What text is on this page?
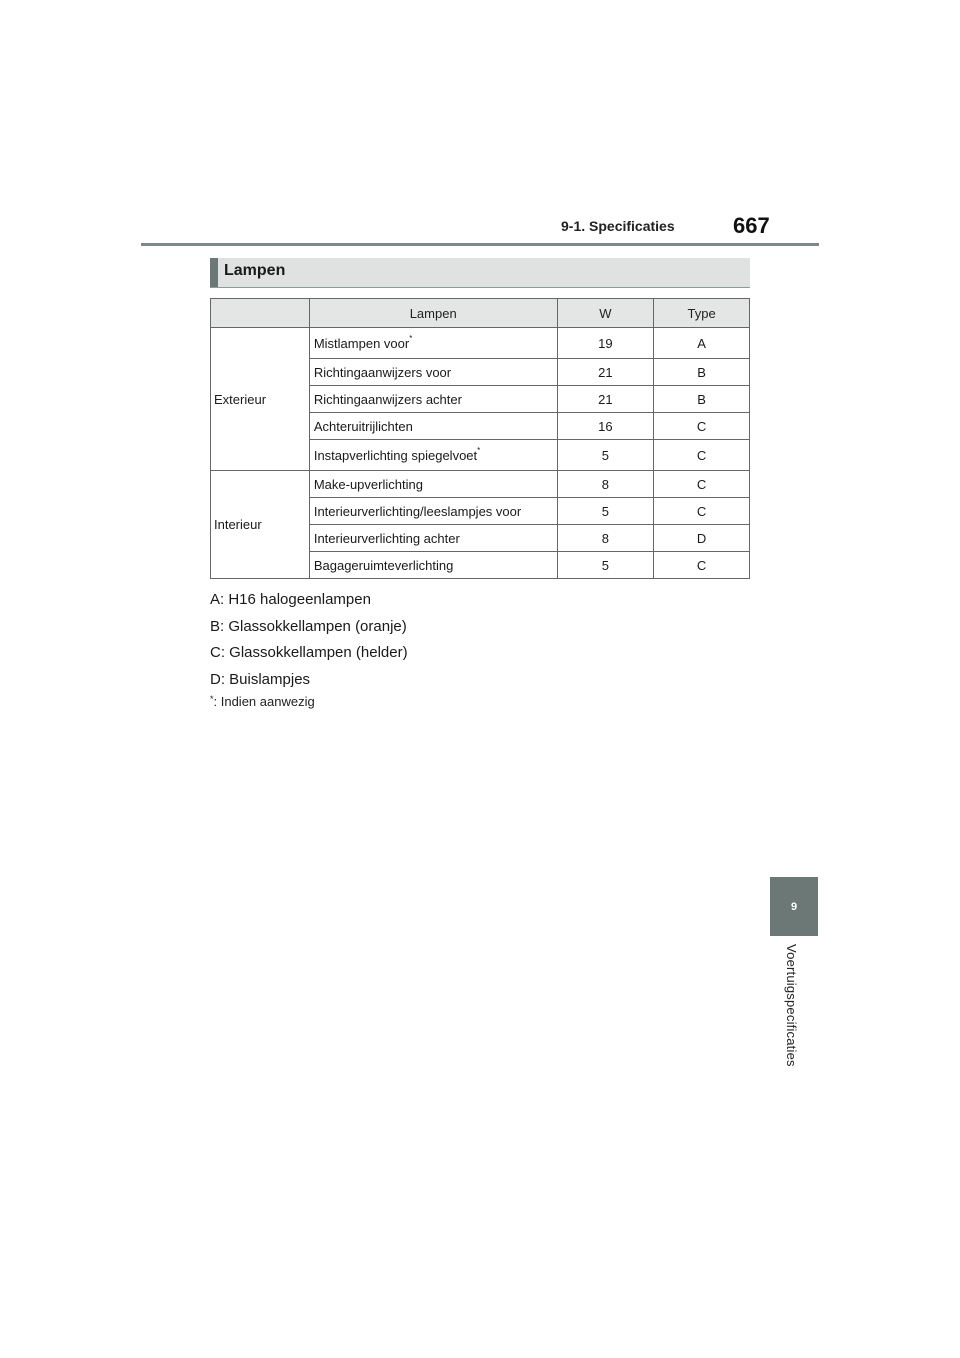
9-1. Specificaties	667
Lampen
	Lampen	W	Type
Exterieur	Mistlampen voor*	19	A
	Richtingaanwijzers voor	21	B
	Richtingaanwijzers achter	21	B
	Achteruitrijlichten	16	C
	Instapverlichting spiegelvoet*	5	C
Interieur	Make-upverlichting	8	C
	Interieurverlichting/leeslampjes voor	5	C
	Interieurverlichting achter	8	D
	Bagageruimteverlichting	5	C
A: H16 halogeenlampen
B: Glassokkellampen (oranje)
C: Glassokkellampen (helder)
D: Buislampjes
*: Indien aanwezig
9
Voertuigspecificaties
